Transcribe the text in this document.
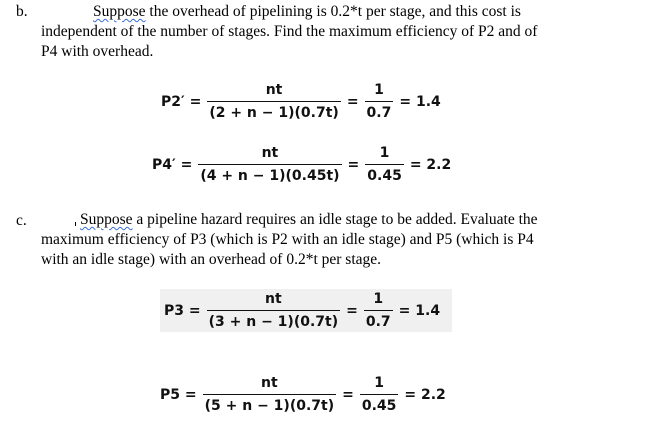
b.	Suppose the overhead of pipelining is 0.2*t per stage, and this cost is
independent of the number of stages. Find the maximum efficiency of P2 and of
P4 with overhead.
$P2' = \frac{nt}{(2 + n - 1)(0.7t)} = \frac{1}{0.7} = 1.4$
$P4' = \frac{nt}{(4 + n - 1)(0.45t)} = \frac{1}{0.45} = 2.2$
c.	Suppose a pipeline hazard requires an idle stage to be added. Evaluate the
maximum efficiency of P3 (which is P2 with an idle stage) and P5 (which is P4
with an idle stage) with an overhead of 0.2*t per stage.
$P3 = \frac{nt}{(3 + n - 1)(0.7t)} = \frac{1}{0.7} = 1.4$
$P5 = \frac{nt}{(5 + n - 1)(0.7t)} = \frac{1}{0.45} = 2.2$
